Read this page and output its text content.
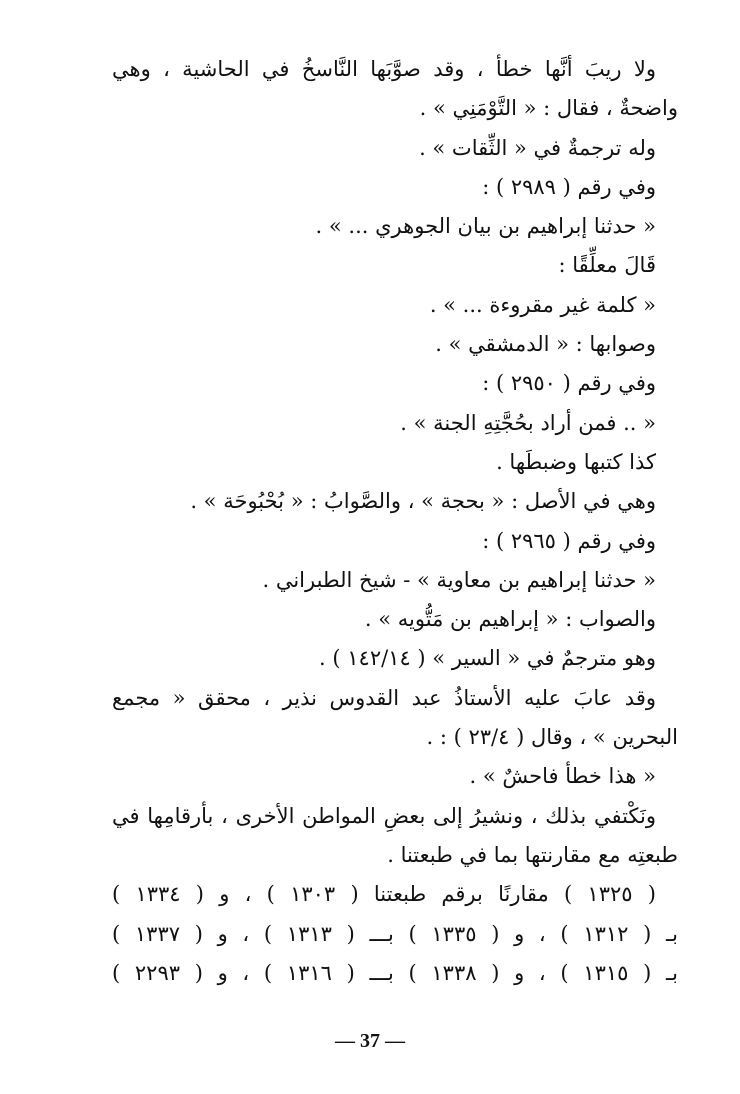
ولا ريبَ أنَّها خطأ ، وقد صوَّبَها النَّاسخُ في الحاشية ، وهي
واضحةٌ ، فقال : « التَّوْمَنِي » .
وله ترجمةٌ في « الثِّقات » .
وفي رقم ( ٢٩٨٩ ) :
« حدثنا إبراهيم بن بيان الجوهري ... » .
قَالَ معلِّقًا :
« كلمة غير مقروءة ... » .
وصوابها : « الدمشقي » .
وفي رقم ( ٢٩٥٠ ) :
« .. فمن أراد بحُجَّتِهِ الجنة » .
كذا كتبها وضبطَها .
وهي في الأصل : « بحجة » ، والصَّوابُ : « بُحْبُوحَة » .
وفي رقم ( ٢٩٦٥ ) :
« حدثنا إبراهيم بن معاوية » - شيخ الطبراني .
والصواب : « إبراهيم بن مَتُّويه » .
وهو مترجمٌ في « السير » ( ١٤٢/١٤ ) .
وقد عابَ عليه الأستاذُ عبد القدوس نذير ، محقق « مجمع
البحرين » ، وقال ( ٢٣/٤ ) : .
« هذا خطأ فاحشٌ » .
ونَكْتفي بذلك ، ونشيرُ إلى بعضِ المواطن الأخرى ، بأرقامِها في
طبعتِه مع مقارنتها بما في طبعتنا .
( ١٣٢٥ ) مقارنًا برقم طبعتنا ( ١٣٠٣ ) ، و ( ١٣٣٤ )
بـ ( ١٣١٢ ) ، و ( ١٣٣٥ ) بـــ ( ١٣١٣ ) ، و ( ١٣٣٧ )
بـ ( ١٣١٥ ) ، و ( ١٣٣٨ ) بـــ ( ١٣١٦ ) ، و ( ٢٢٩٣ )
— 37 —
